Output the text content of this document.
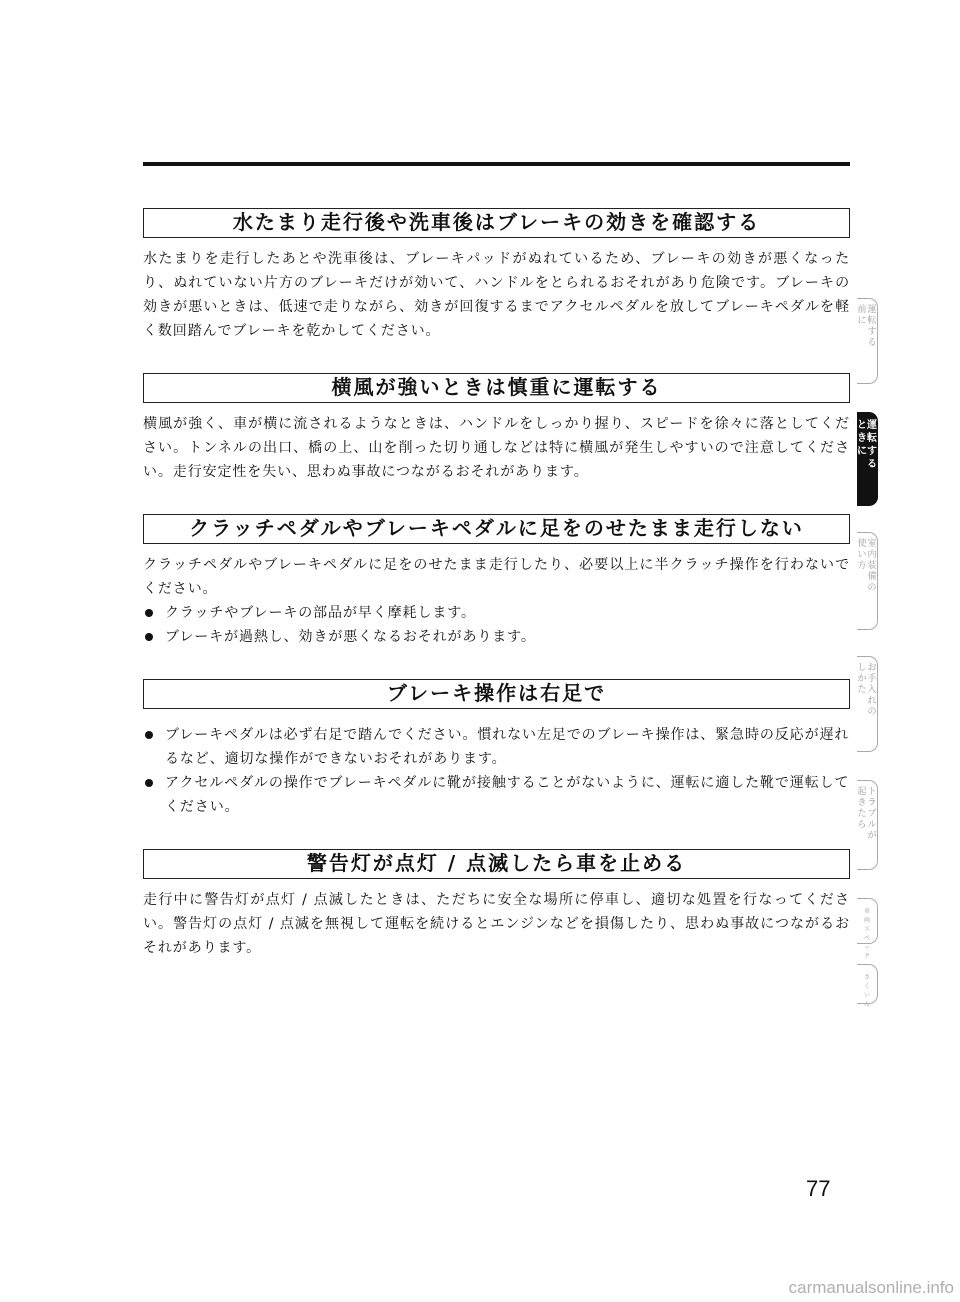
水たまり走行後や洗車後はブレーキの効きを確認する

水たまりを走行したあとや洗車後は、ブレーキパッドがぬれているため、ブレーキの効きが悪くなったり、ぬれていない片方のブレーキだけが効いて、ハンドルをとられるおそれがあり危険です。ブレーキの効きが悪いときは、低速で走りながら、効きが回復するまでアクセルペダルを放してブレーキペダルを軽く数回踏んでブレーキを乾かしてください。

横風が強いときは慎重に運転する

横風が強く、車が横に流されるようなときは、ハンドルをしっかり握り、スピードを徐々に落としてください。トンネルの出口、橋の上、山を削った切り通しなどは特に横風が発生しやすいので注意してください。走行安定性を失い、思わぬ事故につながるおそれがあります。

クラッチペダルやブレーキペダルに足をのせたまま走行しない

クラッチペダルやブレーキペダルに足をのせたまま走行したり、必要以上に半クラッチ操作を行わないでください。

クラッチやブレーキの部品が早く摩耗します。
ブレーキが過熱し、効きが悪くなるおそれがあります。
ブレーキ操作は右足で
ブレーキペダルは必ず右足で踏んでください。慣れない左足でのブレーキ操作は、緊急時の反応が遅れるなど、適切な操作ができないおそれがあります。
アクセルペダルの操作でブレーキペダルに靴が接触することがないように、運転に適した靴で運転してください。
警告灯が点灯 / 点滅したら車を止める

走行中に警告灯が点灯 / 点滅したときは、ただちに安全な場所に停車し、適切な処置を行なってください。警告灯の点灯 / 点滅を無視して運転を続けるとエンジンなどを損傷したり、思わぬ事故につながるおそれがあります。

前
に
運
転
す
る
と
き
に
運
転
す
る
使
い
方
室
内
装
備
の
し
か
た
お
手
入
れ
の
起
き
た
ら
ト
ラ
ブ
ル
が
車
両
ス
ペ
ッ
ク
さ
く
い
ん
77
carmanualsonline.info
